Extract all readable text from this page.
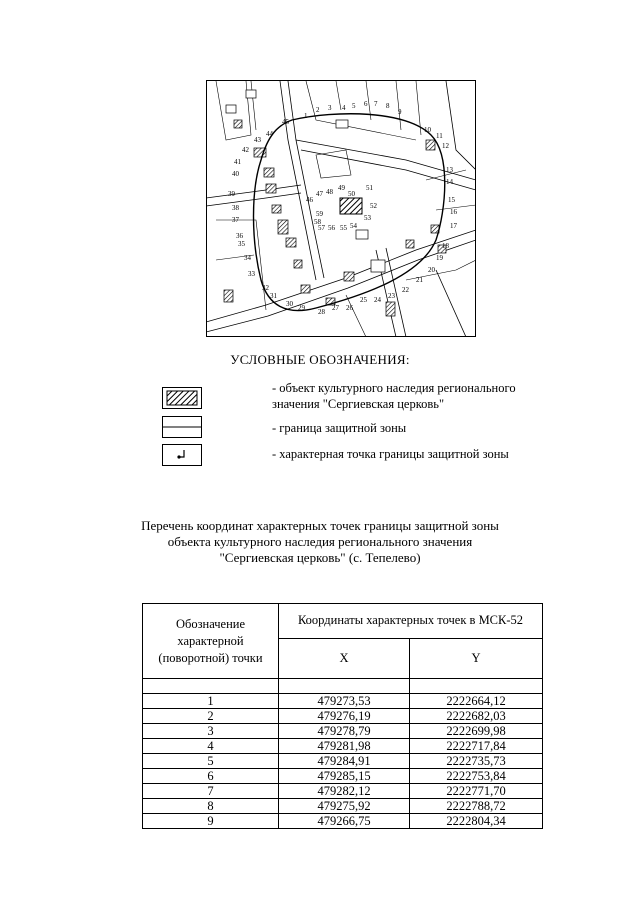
1
2 3 4 5 6 7 8
9
10
11
12
13
14
15
16
17
18
19
20
21
22
23
24
25
26
27
28
29
30
31
32
33
34
35
36
37
38
39
40
41
42
43
44
45
46
47 48 49
50
51
52
53
54
55
56
57
58
59
УСЛОВНЫЕ ОБОЗНАЧЕНИЯ:
- объект культурного наследия регионального
значения "Сергиевская церковь"
- граница защитной зоны
- характерная точка границы защитной зоны
Перечень координат характерных точек границы защитной зоны
объекта культурного наследия регионального значения
"Сергиевская церковь" (с. Тепелево)
Обозначение
характерной
(поворотной) точки	Координаты характерных точек в МСК-52	
	X	Y

1	479273,53	2222664,12
2	479276,19	2222682,03
3	479278,79	2222699,98
4	479281,98	2222717,84
5	479284,91	2222735,73
6	479285,15	2222753,84
7	479282,12	2222771,70
8	479275,92	2222788,72
9	479266,75	2222804,34
